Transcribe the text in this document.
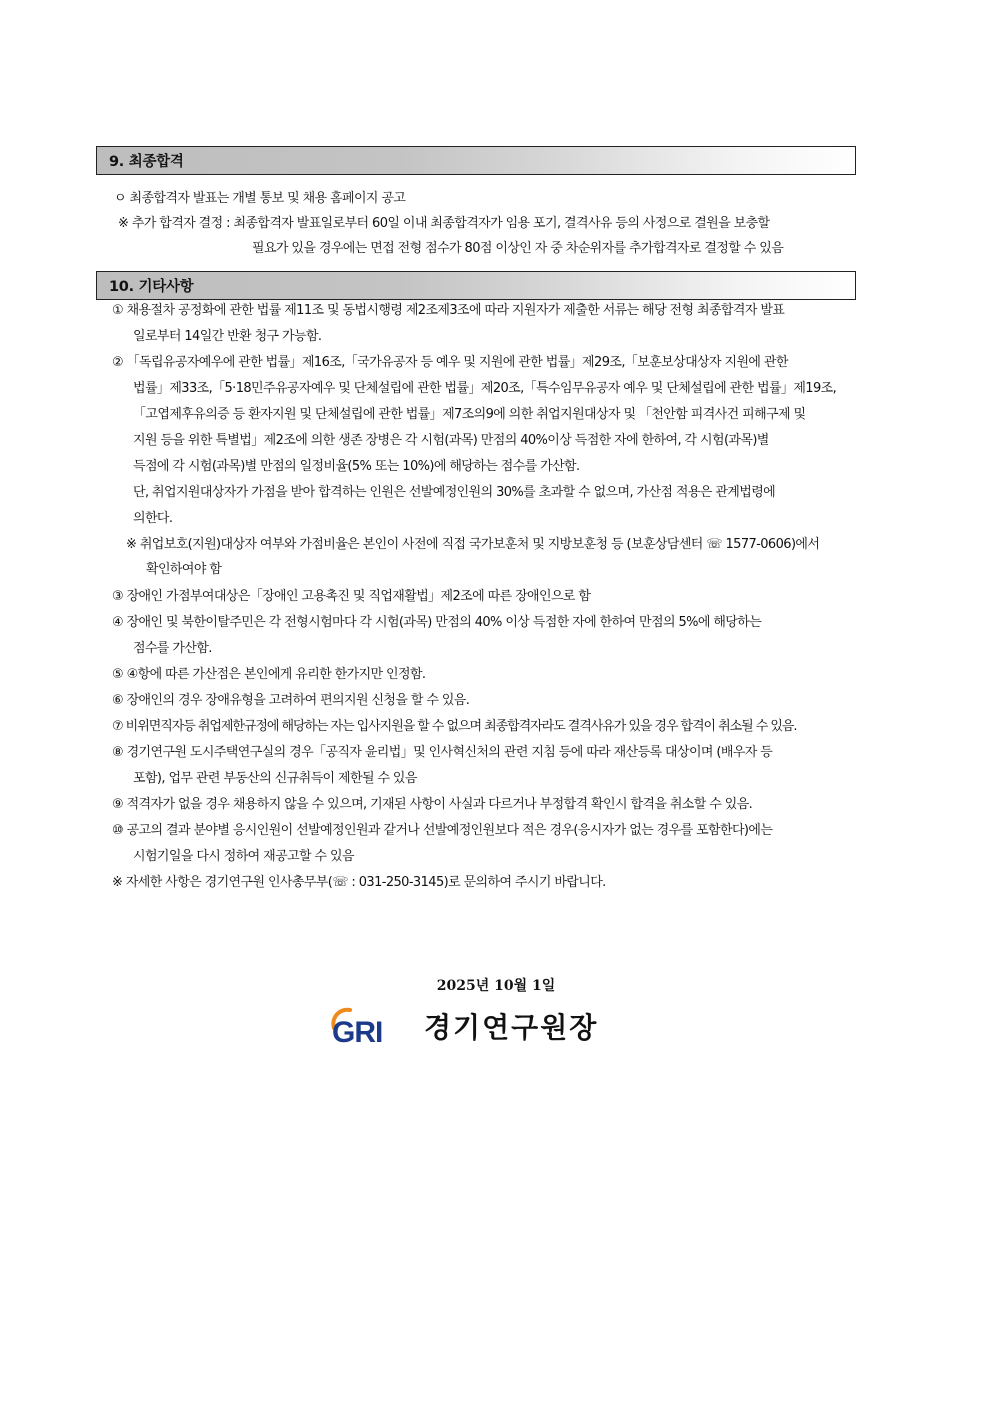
9. 최종합격
ㅇ 최종합격자 발표는 개별 통보 및 채용 홈페이지 공고
※ 추가 합격자 결정 : 최종합격자 발표일로부터 60일 이내 최종합격자가 임용 포기, 결격사유 등의 사정으로 결원을 보충할
필요가 있을 경우에는 면접 전형 점수가 80점 이상인 자 중 차순위자를 추가합격자로 결정할 수 있음
10. 기타사항
① 채용절차 공정화에 관한 법률 제11조 및 동법시행령 제2조제3조에 따라 지원자가 제출한 서류는 해당 전형 최종합격자 발표
일로부터 14일간 반환 청구 가능함.
② 「독립유공자예우에 관한 법률」제16조,「국가유공자 등 예우 및 지원에 관한 법률」제29조,「보훈보상대상자 지원에 관한
법률」제33조,「5·18민주유공자예우 및 단체설립에 관한 법률」제20조,「특수임무유공자 예우 및 단체설립에 관한 법률」제19조,
「고엽제후유의증 등 환자지원 및 단체설립에 관한 법률」제7조의9에 의한 취업지원대상자 및 「천안함 피격사건 피해구제 및
지원 등을 위한 특별법」제2조에 의한 생존 장병은 각 시험(과목) 만점의 40%이상 득점한 자에 한하여, 각 시험(과목)별
득점에 각 시험(과목)별 만점의 일정비율(5% 또는 10%)에 해당하는 점수를 가산함.
단, 취업지원대상자가 가점을 받아 합격하는 인원은 선발예정인원의 30%를 초과할 수 없으며, 가산점 적용은 관계법령에
의한다.
※ 취업보호(지원)대상자 여부와 가점비율은 본인이 사전에 직접 국가보훈처 및 지방보훈청 등 (보훈상담센터 ☏ 1577-0606)에서
확인하여야 함
③ 장애인 가점부여대상은「장애인 고용촉진 및 직업재활법」제2조에 따른 장애인으로 함
④ 장애인 및 북한이탈주민은 각 전형시험마다 각 시험(과목) 만점의 40% 이상 득점한 자에 한하여 만점의 5%에 해당하는
점수를 가산함.
⑤ ④항에 따른 가산점은 본인에게 유리한 한가지만 인정함.
⑥ 장애인의 경우 장애유형을 고려하여 편의지원 신청을 할 수 있음.
⑦ 비위면직자등 취업제한규정에 해당하는 자는 입사지원을 할 수 없으며 최종합격자라도 결격사유가 있을 경우 합격이 취소될 수 있음.
⑧ 경기연구원 도시주택연구실의 경우「공직자 윤리법」및 인사혁신처의 관련 지침 등에 따라 재산등록 대상이며 (배우자 등
포함), 업무 관련 부동산의 신규취득이 제한될 수 있음
⑨ 적격자가 없을 경우 채용하지 않을 수 있으며, 기재된 사항이 사실과 다르거나 부정합격 확인시 합격을 취소할 수 있음.
⑩ 공고의 결과 분야별 응시인원이 선발예정인원과 같거나 선발예정인원보다 적은 경우(응시자가 없는 경우를 포함한다)에는
시험기일을 다시 정하여 재공고할 수 있음
※ 자세한 사항은 경기연구원 인사총무부(☏ : 031-250-3145)로 문의하여 주시기 바랍니다.
2025년 10월 1일
GRI 경기연구원장
